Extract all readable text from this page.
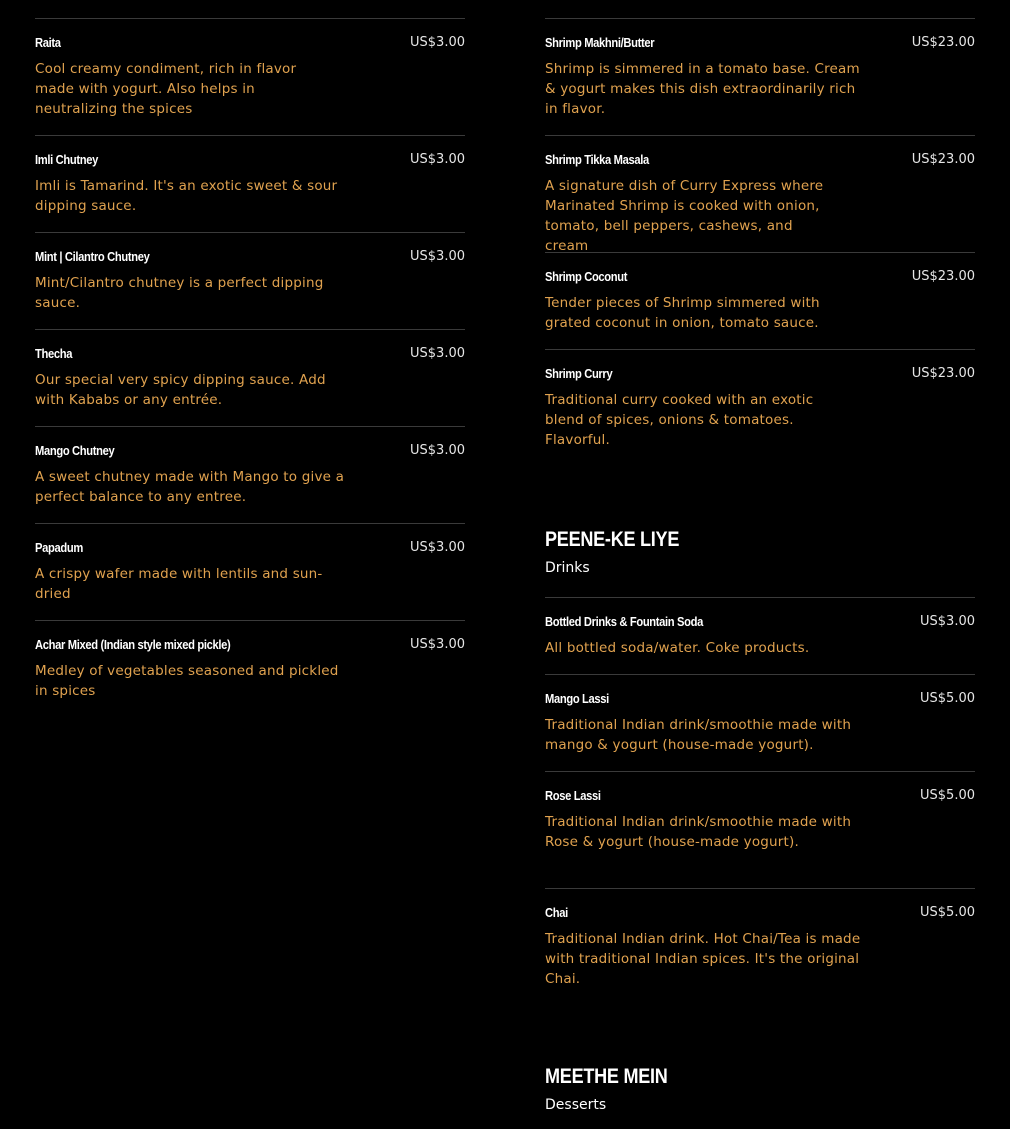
Raita	US$3.00
Cool creamy condiment, rich in flavor made with yogurt. Also helps in neutralizing the spices
Imli Chutney	US$3.00
Imli is Tamarind. It's an exotic sweet & sour dipping sauce.
Mint | Cilantro Chutney	US$3.00
Mint/Cilantro chutney is a perfect dipping sauce.
Thecha	US$3.00
Our special very spicy dipping sauce. Add with Kababs or any entrée.
Mango Chutney	US$3.00
A sweet chutney made with Mango to give a perfect balance to any entree.
Papadum	US$3.00
A crispy wafer made with lentils and sun-dried
Achar Mixed (Indian style mixed pickle)	US$3.00
Medley of vegetables seasoned and pickled in spices
Shrimp Makhni/Butter	US$23.00
Shrimp is simmered in a tomato base. Cream & yogurt makes this dish extraordinarily rich in flavor.
Shrimp Tikka Masala	US$23.00
A signature dish of Curry Express where Marinated Shrimp is cooked with onion, tomato, bell peppers, cashews, and cream
Shrimp Coconut	US$23.00
Tender pieces of Shrimp simmered with grated coconut in onion, tomato sauce.
Shrimp Curry	US$23.00
Traditional curry cooked with an exotic blend of spices, onions & tomatoes. Flavorful.
PEENE-KE LIYE
Drinks
Bottled Drinks & Fountain Soda	US$3.00
All bottled soda/water. Coke products.
Mango Lassi	US$5.00
Traditional Indian drink/smoothie made with mango & yogurt (house-made yogurt).
Rose Lassi	US$5.00
Traditional Indian drink/smoothie made with Rose & yogurt (house-made yogurt).
Chai	US$5.00
Traditional Indian drink. Hot Chai/Tea is made with traditional Indian spices. It's the original Chai.
MEETHE MEIN
Desserts
